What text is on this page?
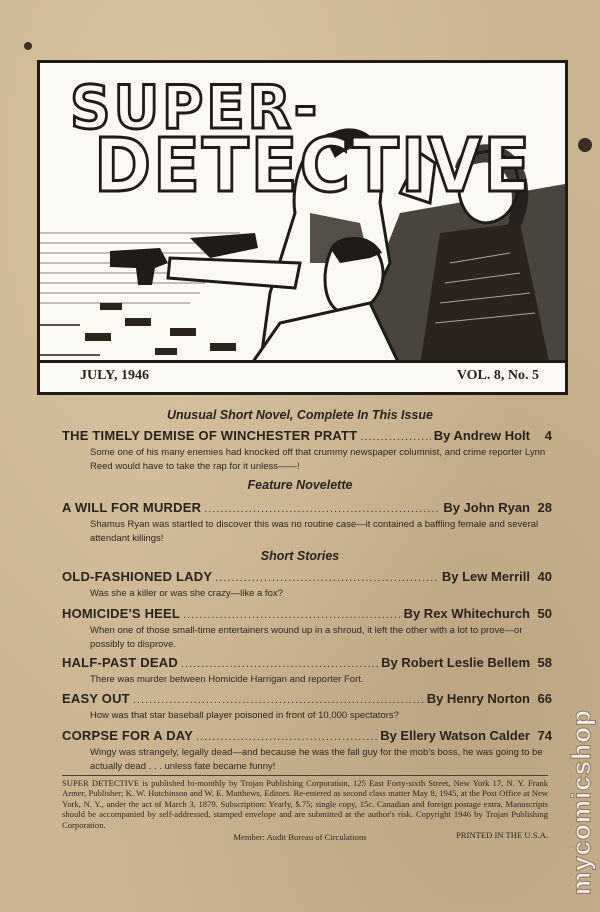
SUPER-
DETECTIVE
JULY, 1946	VOL. 8, No. 5
Unusual Short Novel, Complete In This Issue
THE TIMELY DEMISE OF WINCHESTER PRATT .....	By Andrew Holt	4
Some one of his many enemies had knocked off that crummy newspaper columnist, and crime reporter Lynn Reed would have to take the rap for it unless——!
Feature Novelette
A WILL FOR MURDER .....	By John Ryan 28
Shamus Ryan was startled to discover this was no routine case—it contained a baffling female and several attendant killings!
Short Stories
OLD-FASHIONED LADY .....	By Lew Merrill 40
Was she a killer or was she crazy—like a fox?
HOMICIDE'S HEEL .....	By Rex Whitechurch 50
When one of those small-time entertainers wound up in a shroud, it left the other with a lot to prove—or possibly to disprove.
HALF-PAST DEAD .....	By Robert Leslie Bellem 58
There was murder between Homicide Harrigan and reporter Fort.
EASY OUT .....	By Henry Norton 66
How was that star baseball player poisoned in front of 10,000 spectators?
CORPSE FOR A DAY .....	By Ellery Watson Calder 74
Wingy was strangely, legally dead—and because he was the fall guy for the mob's boss, he was going to be actually dead . . . unless fate became funny!
SUPER DETECTIVE is published bi-monthly by Trojan Publishing Corporation, 125 East Forty-sixth Street, New York 17, N. Y. Frank Armer, Publisher; K. W. Hutchinson and W. E. Matthews, Editors. Re-entered as second class matter May 8, 1945, at the Post Office at New York, N. Y., under the act of March 3, 1879. Subscription: Yearly, $.75; single copy, 15c. Canadian and foreign postage extra. Manuscripts should be accompanied by self-addressed, stamped envelope and are submitted at the author's risk. Copyright 1946 by Trojan Publishing Corporation.
PRINTED IN THE U.S.A.
Member: Audit Bureau of Circulations	mycomicshop
